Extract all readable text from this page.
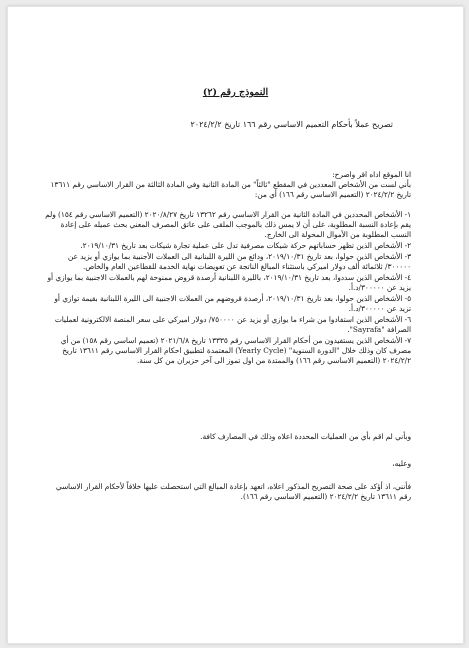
النموذج رقم (٢)
تصريح عملاً بأحكام التعميم الاساسي رقم ١٦٦ تاريخ ٢٠٢٤/٢/٢
انا الموقع اداه اقر واصرح:
بأني لست من الأشخاص المعددين في المقطع "ثالثاً" من المادة الثانية وفي المادة الثالثة من القرار الاساسي رقم ١٣٦١١ تاريخ ٢٠٢٤/٢/٢ (التعميم الاساسي رقم ١٦٦) أي من:
١- الأشخاص المحددين في المادة الثانية من القرار الاساسي رقم ١٣٢٦٢ تاريخ ٢٠٢٠/٨/٢٧ (التعميم الاساسي رقم ١٥٤) ولم يقم بإعادة النسبة المطلوبة، على أن لا يمس ذلك بالموجب الملقى على عاتق المصرف المعني بحث عميله على إعادة النسب المطلوبة من الأموال المحولة الى الخارج.
٢- الأشخاص الذين تظهر حساباتهم حركة شيكات مصرفية تدل على عملية تجارة شيكات بعد تاريخ ٢٠١٩/١٠/٣١.
٣- الأشخاص الذين حولوا، بعد تاريخ ٢٠١٩/١٠/٣١، ودائع من الليرة اللبنانية الى العملات الأجنبية بما يوازي أو يزيد عن ٣٠٠٠٠٠/ ثلاثمائة ألف دولار اميركي باستثناء المبالغ الناتجة عن تعويضات نهاية الخدمة للقطاعين العام والخاص.
٤- الأشخاص الذين سددوا، بعد تاريخ ٢٠١٩/١٠/٣١، بالليرة اللبنانية أرصدة قروض ممنوحة لهم بالعملات الاجنبية بما يوازي أو يزيد عن ٣٠٠٠٠٠/د.أ.
٥- الأشخاص الذين حولوا، بعد تاريخ ٢٠١٩/١٠/٣١، أرصدة قروضهم من العملات الاجنبية الى الليرة اللبنانية بقيمة توازي أو تزيد عن ٣٠٠٠٠٠/د.أ.
٦- الأشخاص الذين استفادوا من شراء ما يوازي أو يزيد عن ٧٥٠٠٠٠/ دولار اميركي على سعر المنصة الالكترونية لعمليات الصرافة "Sayrafa".
٧- الأشخاص الذين يستفيدون من أحكام القرار الاساسي رقم ١٣٣٣٥ تاريخ ٢٠٢١/٦/٨ (تعميم اساسي رقم ١٥٨) من أي مصرف كان وذلك خلال "الدورة السنوية" (Yearly Cycle) المعتمدة لتطبيق احكام القرار الاساسي رقم ١٣٦١١ تاريخ ٢٠٢٤/٢/٢ (التعميم الاساسي رقم ١٦٦) والممتدة من اول تموز الى آخر حزيران من كل سنة.
وبأني لم اقم بأي من العمليات المحددة اعلاه وذلك في المصارف كافة.
وعليه،
فأنني، اذ أؤكد على صحة التصريح المذكور اعلاه، اتعهد بإعادة المبالغ التي استحصلت عليها خلافاً لأحكام القرار الاساسي رقم ١٣٦١١ تاريخ ٢٠٢٤/٢/٢ (التعميم الاساسي رقم ١٦٦).
